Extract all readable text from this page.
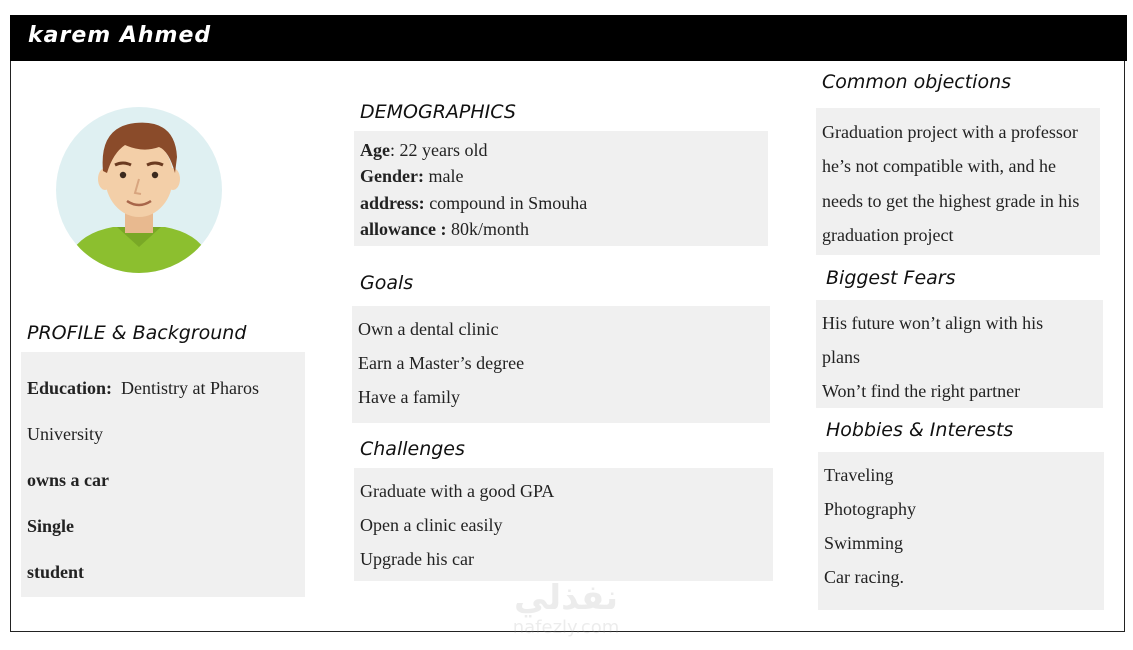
karem Ahmed
PROFILE & Background
Education: Dentistry at Pharos
University
owns a car
Single
student
DEMOGRAPHICS
Age: 22 years old
Gender: male
address: compound in Smouha
allowance : 80k/month
Goals
Own a dental clinic
Earn a Master’s degree
Have a family
Challenges
Graduate with a good GPA
Open a clinic easily
Upgrade his car
Common objections
Graduation project with a professor
he’s not compatible with, and he
needs to get the highest grade in his
graduation project
Biggest Fears
His future won’t align with his
plans
Won’t find the right partner
Hobbies & Interests
Traveling
Photography
Swimming
Car racing.
نفذلي
nafezly.com
